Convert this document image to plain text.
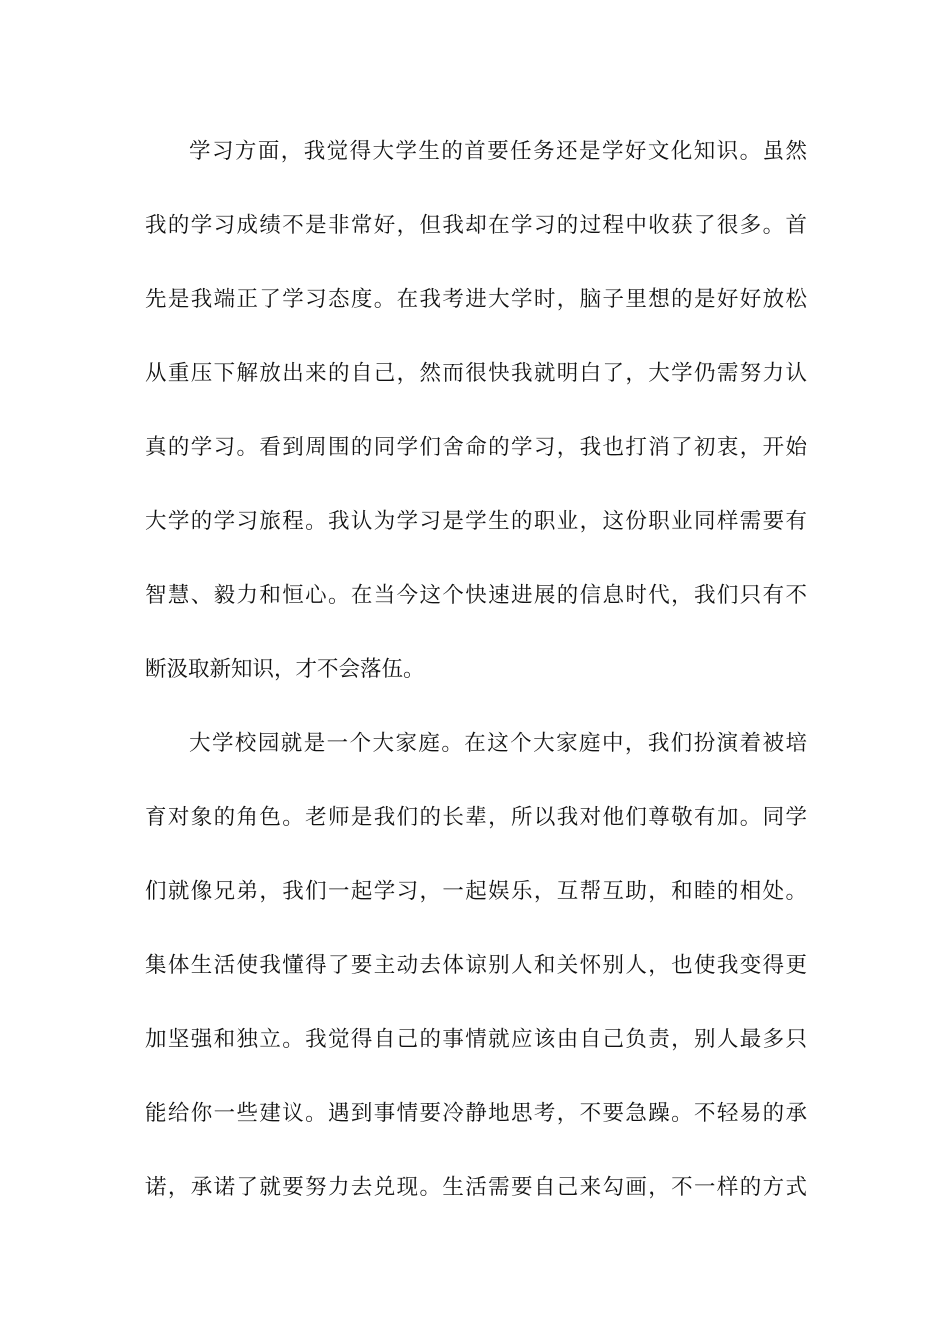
学习方面，我觉得大学生的首要任务还是学好文化知识。虽然
我的学习成绩不是非常好，但我却在学习的过程中收获了很多。首
先是我端正了学习态度。在我考进大学时，脑子里想的是好好放松
从重压下解放出来的自己，然而很快我就明白了，大学仍需努力认
真的学习。看到周围的同学们舍命的学习，我也打消了初衷，开始
大学的学习旅程。我认为学习是学生的职业，这份职业同样需要有
智慧、毅力和恒心。在当今这个快速进展的信息时代，我们只有不
断汲取新知识，才不会落伍。
大学校园就是一个大家庭。在这个大家庭中，我们扮演着被培
育对象的角色。老师是我们的长辈，所以我对他们尊敬有加。同学
们就像兄弟，我们一起学习，一起娱乐，互帮互助，和睦的相处。
集体生活使我懂得了要主动去体谅别人和关怀别人，也使我变得更
加坚强和独立。我觉得自己的事情就应该由自己负责，别人最多只
能给你一些建议。遇到事情要冷静地思考，不要急躁。不轻易的承
诺，承诺了就要努力去兑现。生活需要自己来勾画，不一样的方式
